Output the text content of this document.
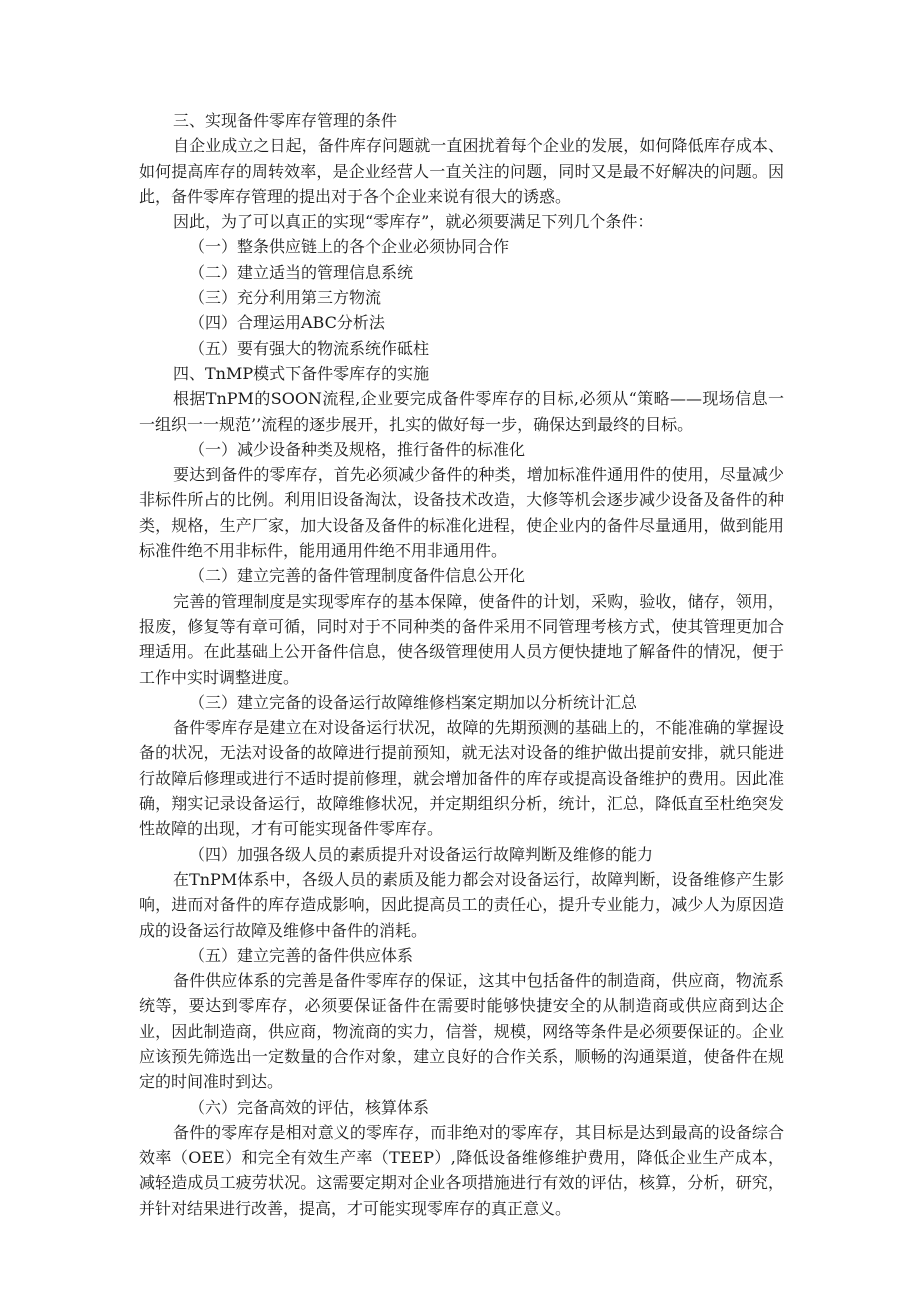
三、实现备件零库存管理的条件

自企业成立之日起，备件库存问题就一直困扰着每个企业的发展，如何降低库存成本、如何提高库存的周转效率，是企业经营人一直关注的问题，同时又是最不好解决的问题。因此，备件零库存管理的提出对于各个企业来说有很大的诱惑。

因此，为了可以真正的实现“零库存”，就必须要满足下列几个条件：

（一）整条供应链上的各个企业必须协同合作

（二）建立适当的管理信息系统

（三）充分利用第三方物流

（四）合理运用ABC分析法

（五）要有强大的物流系统作砥柱

四、TnMP模式下备件零库存的实施

根据TnPM的SOON流程,企业要完成备件零库存的目标,必须从“策略——现场信息一一组织一一规范’’流程的逐步展开，扎实的做好每一步，确保达到最终的目标。

（一）减少设备种类及规格，推行备件的标准化

要达到备件的零库存，首先必须减少备件的种类，增加标准件通用件的使用，尽量减少非标件所占的比例。利用旧设备淘汰，设备技术改造，大修等机会逐步减少设备及备件的种类，规格，生产厂家，加大设备及备件的标准化进程，使企业内的备件尽量通用，做到能用标准件绝不用非标件，能用通用件绝不用非通用件。

（二）建立完善的备件管理制度备件信息公开化

完善的管理制度是实现零库存的基本保障，使备件的计划，采购，验收，储存，领用，报废，修复等有章可循，同时对于不同种类的备件采用不同管理考核方式，使其管理更加合理适用。在此基础上公开备件信息，使各级管理使用人员方便快捷地了解备件的情况，便于工作中实时调整进度。

（三）建立完备的设备运行故障维修档案定期加以分析统计汇总

备件零库存是建立在对设备运行状况，故障的先期预测的基础上的，不能准确的掌握设备的状况，无法对设备的故障进行提前预知，就无法对设备的维护做出提前安排，就只能进行故障后修理或进行不适时提前修理，就会增加备件的库存或提高设备维护的费用。因此准确，翔实记录设备运行，故障维修状况，并定期组织分析，统计，汇总，降低直至杜绝突发性故障的出现，才有可能实现备件零库存。

（四）加强各级人员的素质提升对设备运行故障判断及维修的能力

在TnPM体系中，各级人员的素质及能力都会对设备运行，故障判断，设备维修产生影响，进而对备件的库存造成影响，因此提高员工的责任心，提升专业能力，减少人为原因造成的设备运行故障及维修中备件的消耗。

（五）建立完善的备件供应体系

备件供应体系的完善是备件零库存的保证，这其中包括备件的制造商，供应商，物流系统等，要达到零库存，必须要保证备件在需要时能够快捷安全的从制造商或供应商到达企业，因此制造商，供应商，物流商的实力，信誉，规模，网络等条件是必须要保证的。企业应该预先筛选出一定数量的合作对象，建立良好的合作关系，顺畅的沟通渠道，使备件在规定的时间准时到达。

（六）完备高效的评估，核算体系

备件的零库存是相对意义的零库存，而非绝对的零库存，其目标是达到最高的设备综合效率（OEE）和完全有效生产率（TEEP）,降低设备维修维护费用，降低企业生产成本，减轻造成员工疲劳状况。这需要定期对企业各项措施进行有效的评估，核算，分析，研究，并针对结果进行改善，提高，才可能实现零库存的真正意义。
